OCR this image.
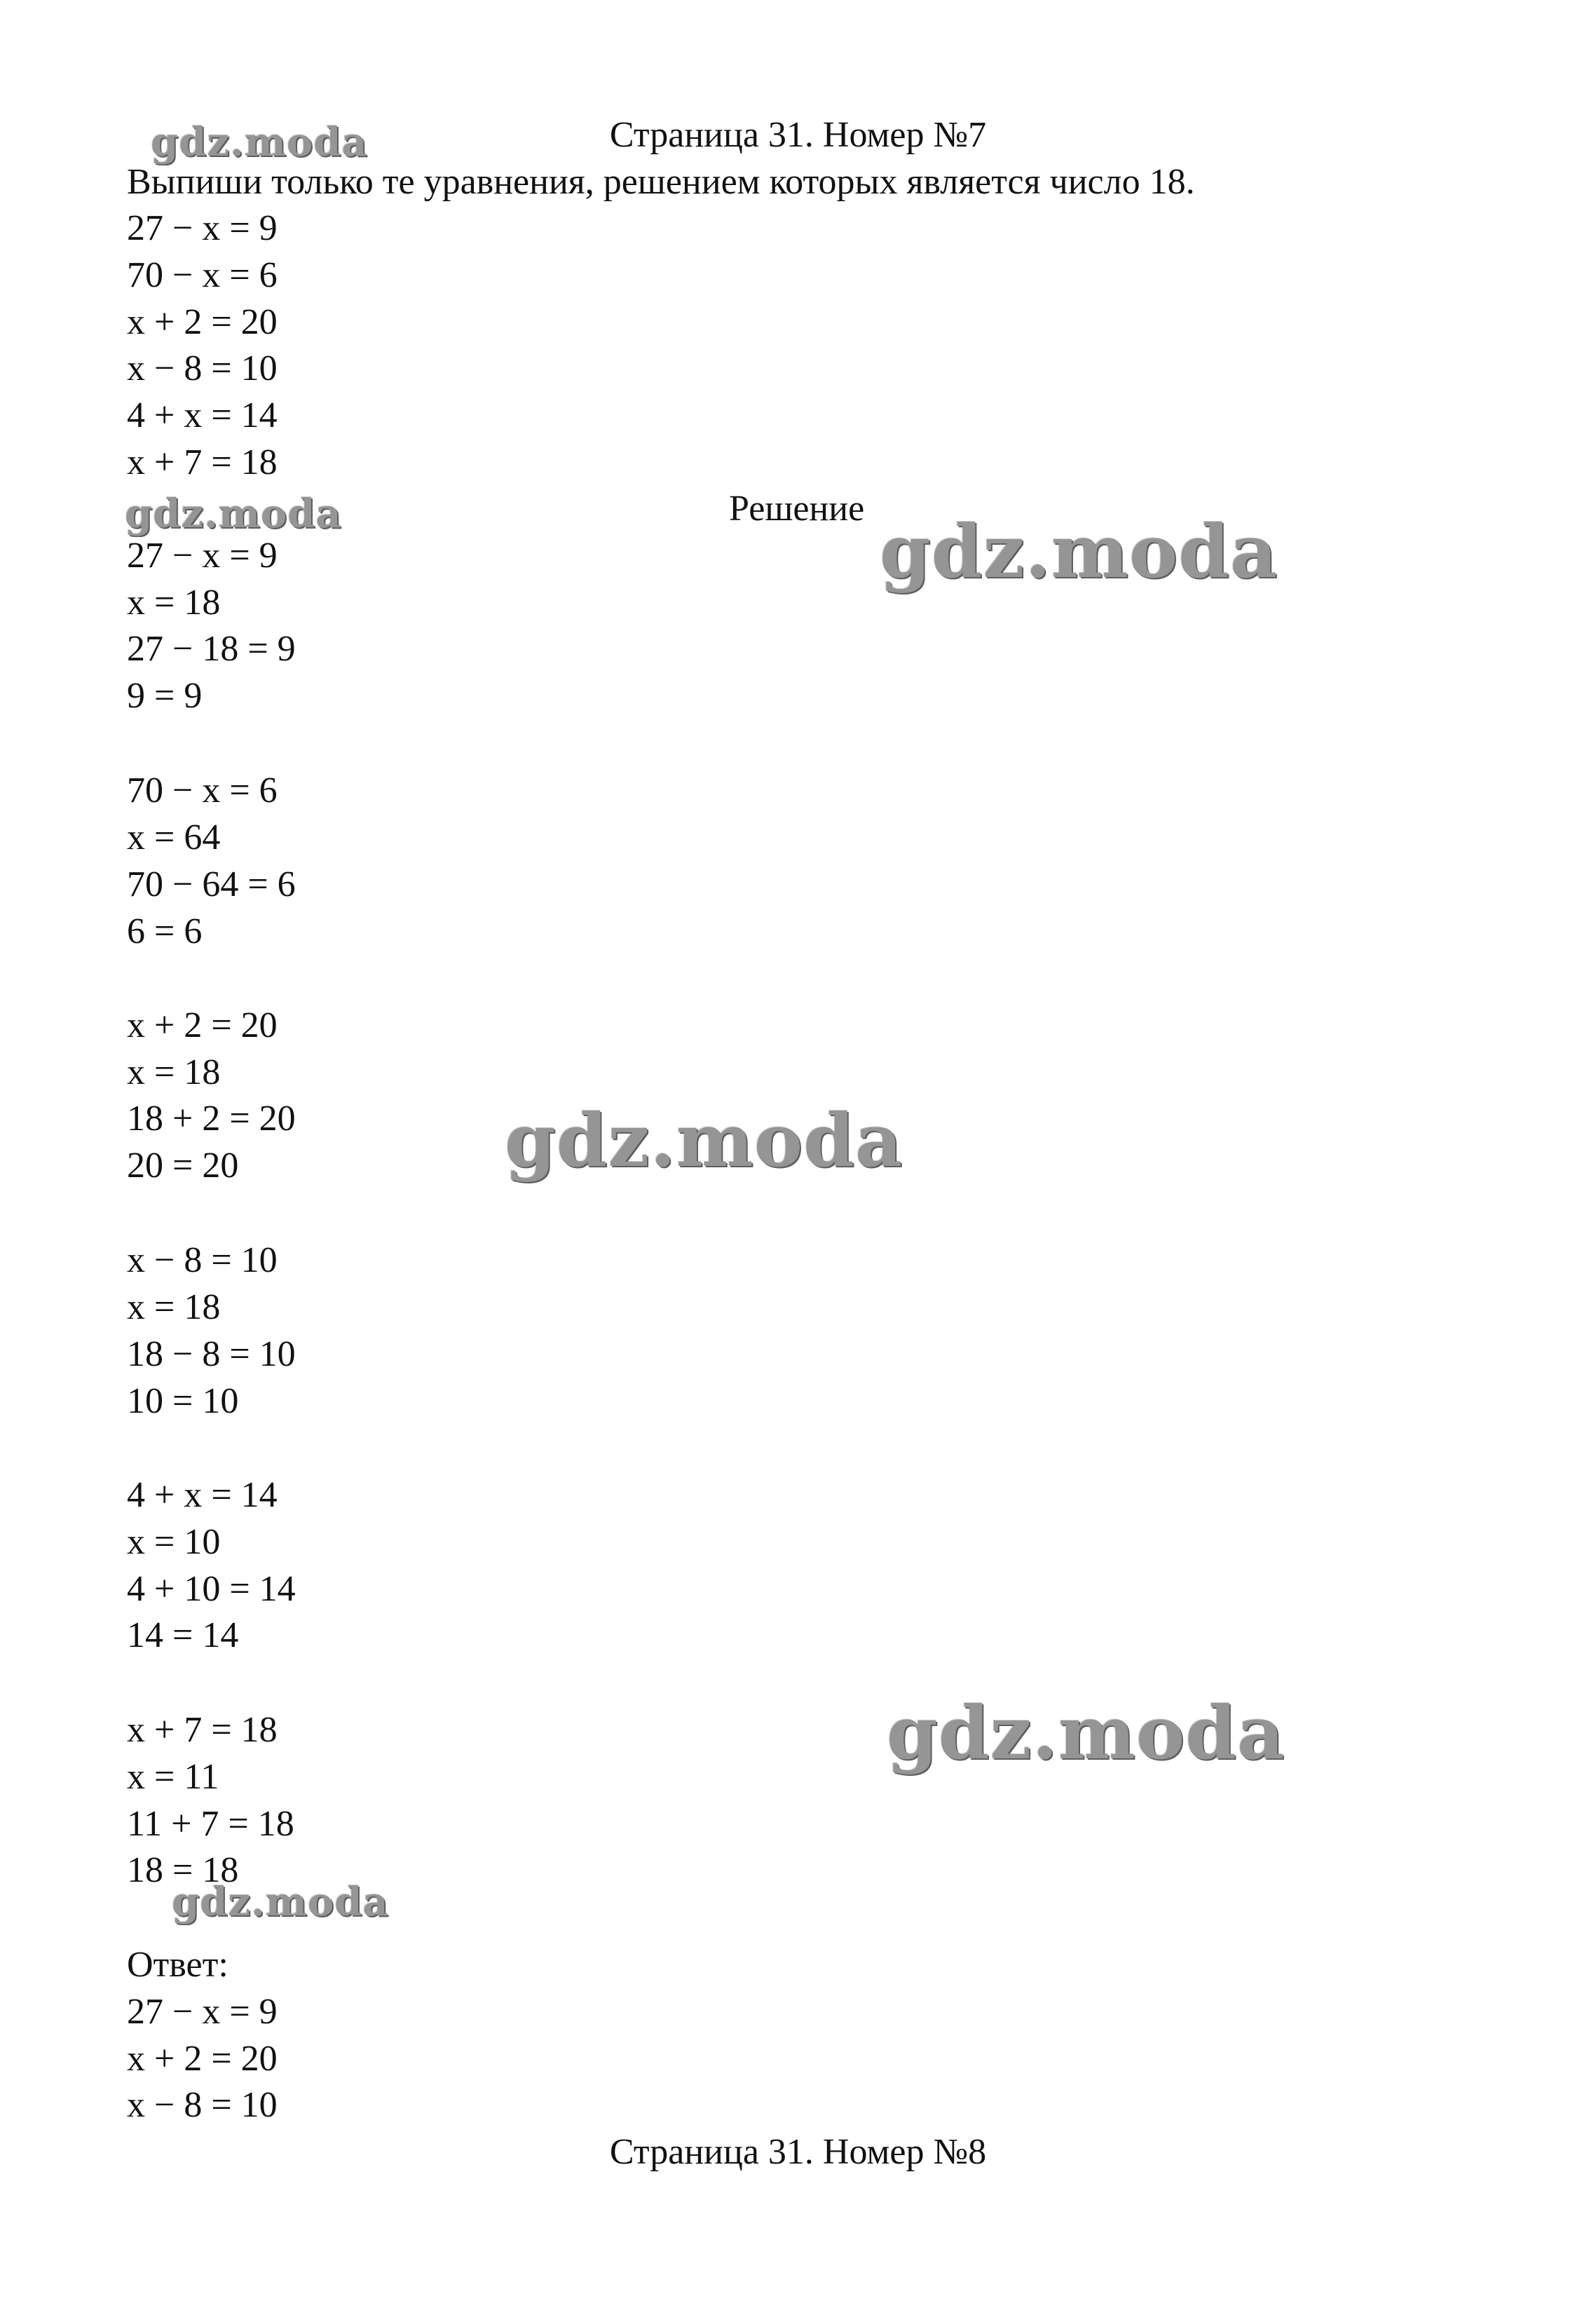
Страница 31. Номер №7
Выпиши только те уравнения, решением которых является число 18.
27 − x = 9
70 − x = 6
x + 2 = 20
x − 8 = 10
4 + x = 14
x + 7 = 18
Решение
27 − x = 9
x = 18
27 − 18 = 9
9 = 9
70 − x = 6
x = 64
70 − 64 = 6
6 = 6
x + 2 = 20
x = 18
18 + 2 = 20
20 = 20
x − 8 = 10
x = 18
18 − 8 = 10
10 = 10
4 + x = 14
x = 10
4 + 10 = 14
14 = 14
x + 7 = 18
x = 11
11 + 7 = 18
18 = 18
Ответ:
27 − x = 9
x + 2 = 20
x − 8 = 10
Страница 31. Номер №8
gdz.moda
gdz.moda	gdz.moda
gdz.moda
gdz.moda
gdz.moda
